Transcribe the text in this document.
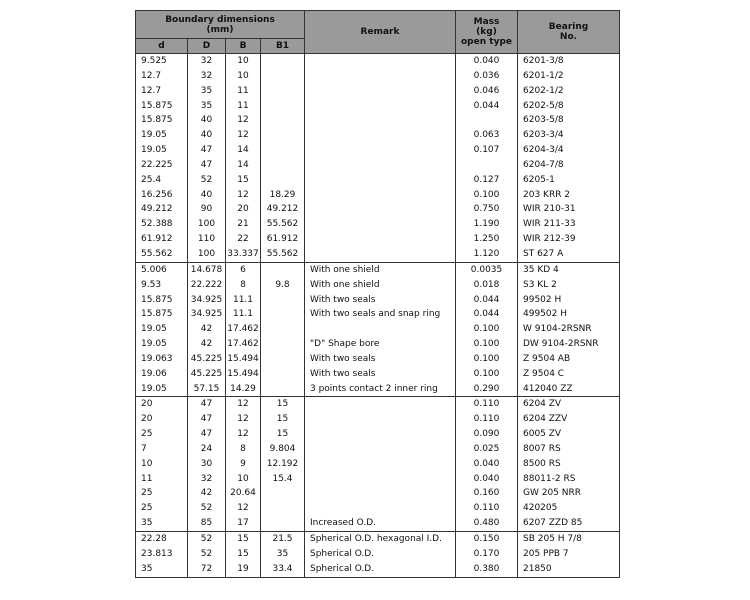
Boundary dimensions
(mm)				Remark	Mass
(kg)
open type	Bearing
No.
d	D	B	B1			
9.525	32	10			0.040	6201-3/8
12.7	32	10			0.036	6201-1/2
12.7	35	11			0.046	6202-1/2
15.875	35	11			0.044	6202-5/8
15.875	40	12				6203-5/8
19.05	40	12			0.063	6203-3/4
19.05	47	14			0.107	6204-3/4
22.225	47	14				6204-7/8
25.4	52	15			0.127	6205-1
16.256	40	12	18.29		0.100	203 KRR 2
49.212	90	20	49.212		0.750	WIR 210-31
52.388	100	21	55.562		1.190	WIR 211-33
61.912	110	22	61.912		1.250	WIR 212-39
55.562	100	33.337	55.562		1.120	ST 627 A
5.006	14.678	6		With one shield	0.0035	35 KD 4
9.53	22.222	8	9.8	With one shield	0.018	S3 KL 2
15.875	34.925	11.1		With two seals	0.044	99502 H
15.875	34.925	11.1		With two seals and snap ring	0.044	499502 H
19.05	42	17.462			0.100	W 9104-2RSNR
19.05	42	17.462		"D" Shape bore	0.100	DW 9104-2RSNR
19.063	45.225	15.494		With two seals	0.100	Z 9504 AB
19.06	45.225	15.494		With two seals	0.100	Z 9504 C
19.05	57.15	14.29		3 points contact 2 inner ring	0.290	412040 ZZ
20	47	12	15		0.110	6204 ZV
20	47	12	15		0.110	6204 ZZV
25	47	12	15		0.090	6005 ZV
7	24	8	9.804		0.025	8007 RS
10	30	9	12.192		0.040	8500 RS
11	32	10	15.4		0.040	88011-2 RS
25	42	20.64			0.160	GW 205 NRR
25	52	12			0.110	420205
35	85	17		Increased O.D.	0.480	6207 ZZD 85
22.28	52	15	21.5	Spherical O.D. hexagonal I.D.	0.150	SB 205 H 7/8
23.813	52	15	35	Spherical O.D.	0.170	205 PPB 7
35	72	19	33.4	Spherical O.D.	0.380	21850
